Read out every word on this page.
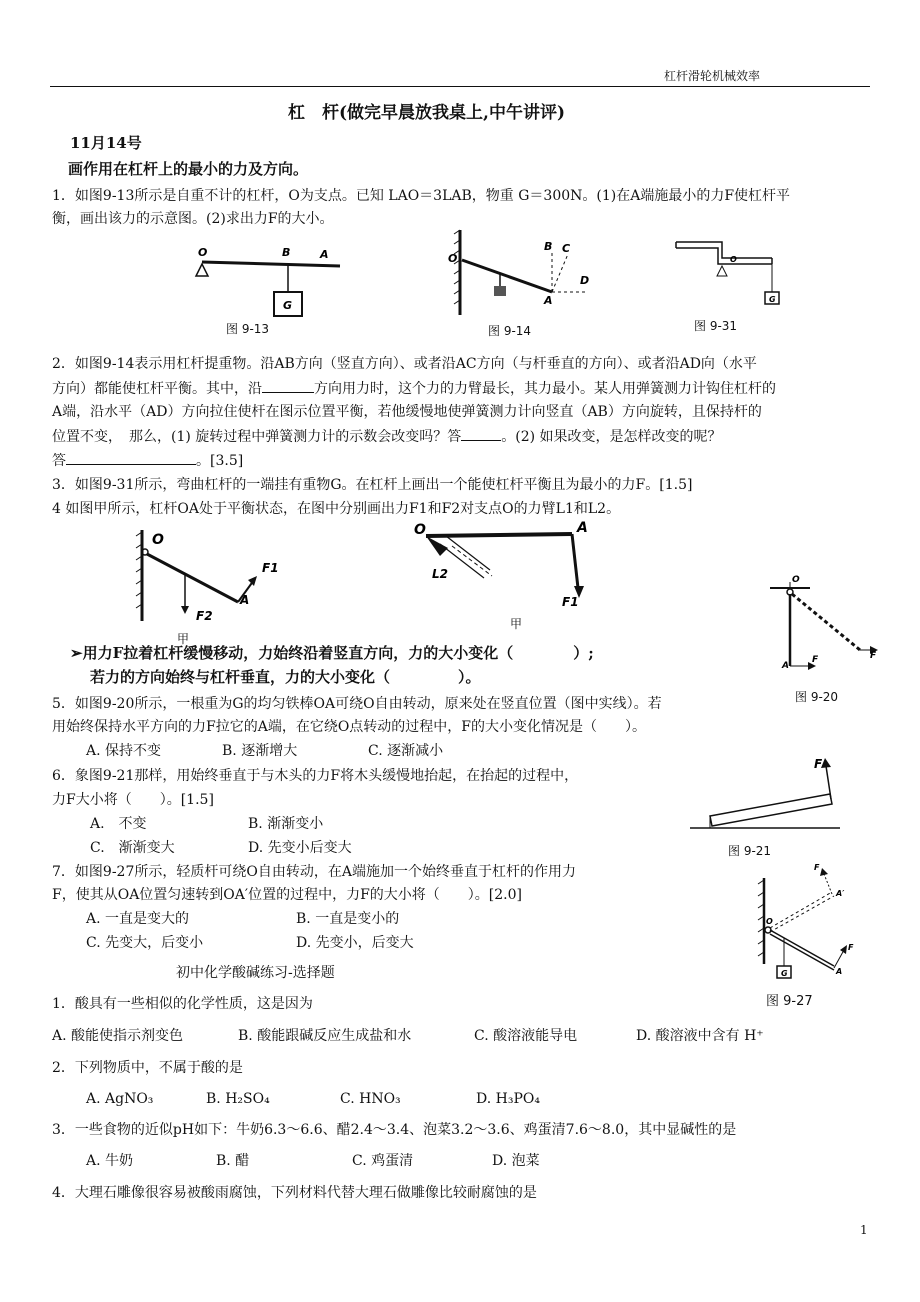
杠杆滑轮机械效率
杠　杆(做完早晨放我桌上,中午讲评)
11月14号
画作用在杠杆上的最小的力及方向。
1．如图9-13所示是自重不计的杠杆，O为支点。已知 LAO＝3LAB，物重 G＝300N。(1)在A端施最小的力F使杠杆平
衡，画出该力的示意图。(2)求出力F的大小。
G
O	B	A
图 9-13
O
B C
D
A
图 9-14
G
O
图 9-31
2．如图9-14表示用杠杆提重物。沿AB方向（竖直方向）、或者沿AC方向（与杆垂直的方向）、或者沿AD向（水平
方向）都能使杠杆平衡。其中，沿	方向用力时，这个力的力臂最长，其力最小。某人用弹簧测力计钩住杠杆的
A端，沿水平（AD）方向拉住使杆在图示位置平衡，若他缓慢地使弹簧测力计向竖直（AB）方向旋转，且保持杆的
位置不变，　那么，(1) 旋转过程中弹簧测力计的示数会改变吗？答	。(2) 如果改变，是怎样改变的呢？
答	。[3.5]
3．如图9-31所示，弯曲杠杆的一端挂有重物G。在杠杆上画出一个能使杠杆平衡且为最小的力F。[1.5]
4 如图甲所示，杠杆OA处于平衡状态，在图中分别画出力F1和F2对支点O的力臂L1和L2。
O
F1
F2
A
甲
O	A
L2
F1
甲
O
A
F	F
图 9-20
➢用力F拉着杠杆缓慢移动，力始终沿着竖直方向，力的大小变化（	）;
若力的方向始终与杠杆垂直，力的大小变化（	）。
5．如图9-20所示，一根重为G的均匀铁棒OA可绕O自由转动，原来处在竖直位置（图中实线）。若
用始终保持水平方向的力F拉它的A端，在它绕O点转动的过程中，F的大小变化情况是（　　）。
A. 保持不变	B. 逐渐增大	C. 逐渐减小
6．象图9-21那样，用始终垂直于与木头的力F将木头缓慢地抬起，在抬起的过程中，
力F大小将（　　）。[1.5]
A.　不变	B. 渐渐变小
C.　渐渐变大	D. 先变小后变大
F
图 9-21
7．如图9-27所示，轻质杆可绕O自由转动，在A端施加一个始终垂直于杠杆的作用力
F，使其从OA位置匀速转到OA′位置的过程中，力F的大小将（　　）。[2.0]
A. 一直是变大的	B. 一直是变小的
C. 先变大，后变小	D. 先变小，后变大
G
O
A
A′
F
F
图 9-27
初中化学酸碱练习-选择题
1．酸具有一些相似的化学性质，这是因为
A. 酸能使指示剂变色	B. 酸能跟碱反应生成盐和水	C. 酸溶液能导电	D. 酸溶液中含有 H⁺
2．下列物质中，不属于酸的是
A. AgNO₃	B. H₂SO₄	C. HNO₃	D. H₃PO₄
3．一些食物的近似pH如下：牛奶6.3～6.6、醋2.4～3.4、泡菜3.2～3.6、鸡蛋清7.6～8.0，其中显碱性的是
A. 牛奶	B. 醋	C. 鸡蛋清	D. 泡菜
4．大理石雕像很容易被酸雨腐蚀，下列材料代替大理石做雕像比较耐腐蚀的是
1
